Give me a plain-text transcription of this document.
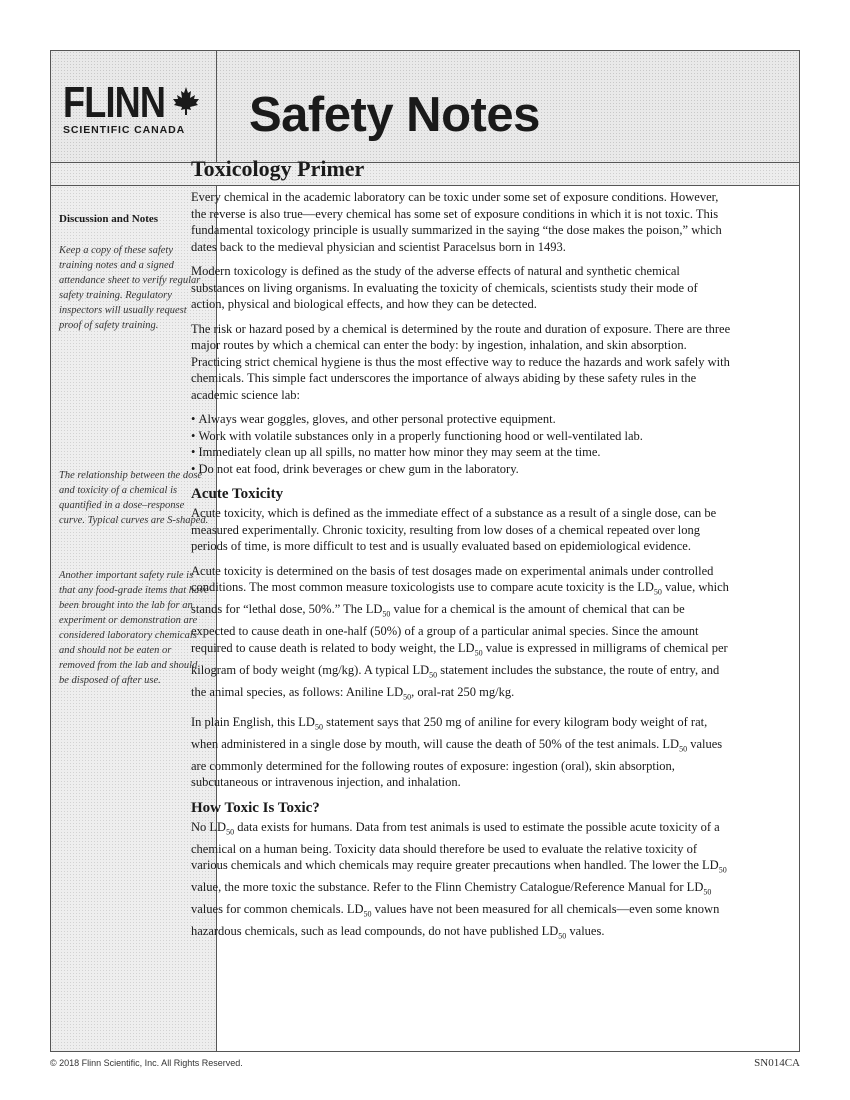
FLINN
SCIENTIFIC CANADA Safety Notes
Discussion and Notes
Keep a copy of these safety training notes and a signed attendance sheet to verify regular safety training. Regulatory inspectors will usually request proof of safety training.
The relationship between the dose and toxicity of a chemical is quantified in a dose–response curve. Typical curves are S-shaped.
Another important safety rule is that any food-grade items that have been brought into the lab for an experiment or demonstration are considered laboratory chemicals and should not be eaten or removed from the lab and should be disposed of after use.
Toxicology Primer

Every chemical in the academic laboratory can be toxic under some set of exposure conditions. However, the reverse is also true—every chemical has some set of exposure conditions in which it is not toxic. This fundamental toxicology principle is usually summarized in the saying “the dose makes the poison,” which dates back to the medieval physician and scientist Paracelsus born in 1493.

Modern toxicology is defined as the study of the adverse effects of natural and synthetic chemical substances on living organisms. In evaluating the toxicity of chemicals, scientists study their mode of action, physical and biological effects, and how they can be detected.

The risk or hazard posed by a chemical is determined by the route and duration of exposure. There are three major routes by which a chemical can enter the body: by ingestion, inhalation, and skin absorption. Practicing strict chemical hygiene is thus the most effective way to reduce the hazards and work safely with chemicals. This simple fact underscores the importance of always abiding by these safety rules in the academic science lab:

• Always wear goggles, gloves, and other personal protective equipment.
• Work with volatile substances only in a properly functioning hood or well-ventilated lab.
• Immediately clean up all spills, no matter how minor they may seem at the time.
• Do not eat food, drink beverages or chew gum in the laboratory.
Acute Toxicity

Acute toxicity, which is defined as the immediate effect of a substance as a result of a single dose, can be measured experimentally. Chronic toxicity, resulting from low doses of a chemical repeated over long periods of time, is more difficult to test and is usually evaluated based on epidemiological evidence.

Acute toxicity is determined on the basis of test dosages made on experimental animals under controlled conditions. The most common measure toxicologists use to compare acute toxicity is the $LD_{50}$ value, which stands for “lethal dose, 50%.” The $LD_{50}$ value for a chemical is the amount of chemical that can be expected to cause death in one-half (50%) of a group of a particular animal species. Since the amount required to cause death is related to body weight, the $LD_{50}$ value is expressed in milligrams of chemical per kilogram of body weight (mg/kg). A typical $LD_{50}$ statement includes the substance, the route of entry, and the animal species, as follows: Aniline $LD_{50}$, oral-rat 250 mg/kg.

In plain English, this $LD_{50}$ statement says that 250 mg of aniline for every kilogram body weight of rat, when administered in a single dose by mouth, will cause the death of 50% of the test animals. $LD_{50}$ values are commonly determined for the following routes of exposure: ingestion (oral), skin absorption, subcutaneous or intravenous injection, and inhalation.

How Toxic Is Toxic?

No $LD_{50}$ data exists for humans. Data from test animals is used to estimate the possible acute toxicity of a chemical on a human being. Toxicity data should therefore be used to evaluate the relative toxicity of various chemicals and which chemicals may require greater precautions when handled. The lower the $LD_{50}$ value, the more toxic the substance. Refer to the Flinn Chemistry Catalogue/Reference Manual for $LD_{50}$ values for common chemicals. $LD_{50}$ values have not been measured for all chemicals—even some known hazardous chemicals, such as lead compounds, do not have published $LD_{50}$ values.

© 2018 Flinn Scientific, Inc. All Rights Reserved.	SN014CA
